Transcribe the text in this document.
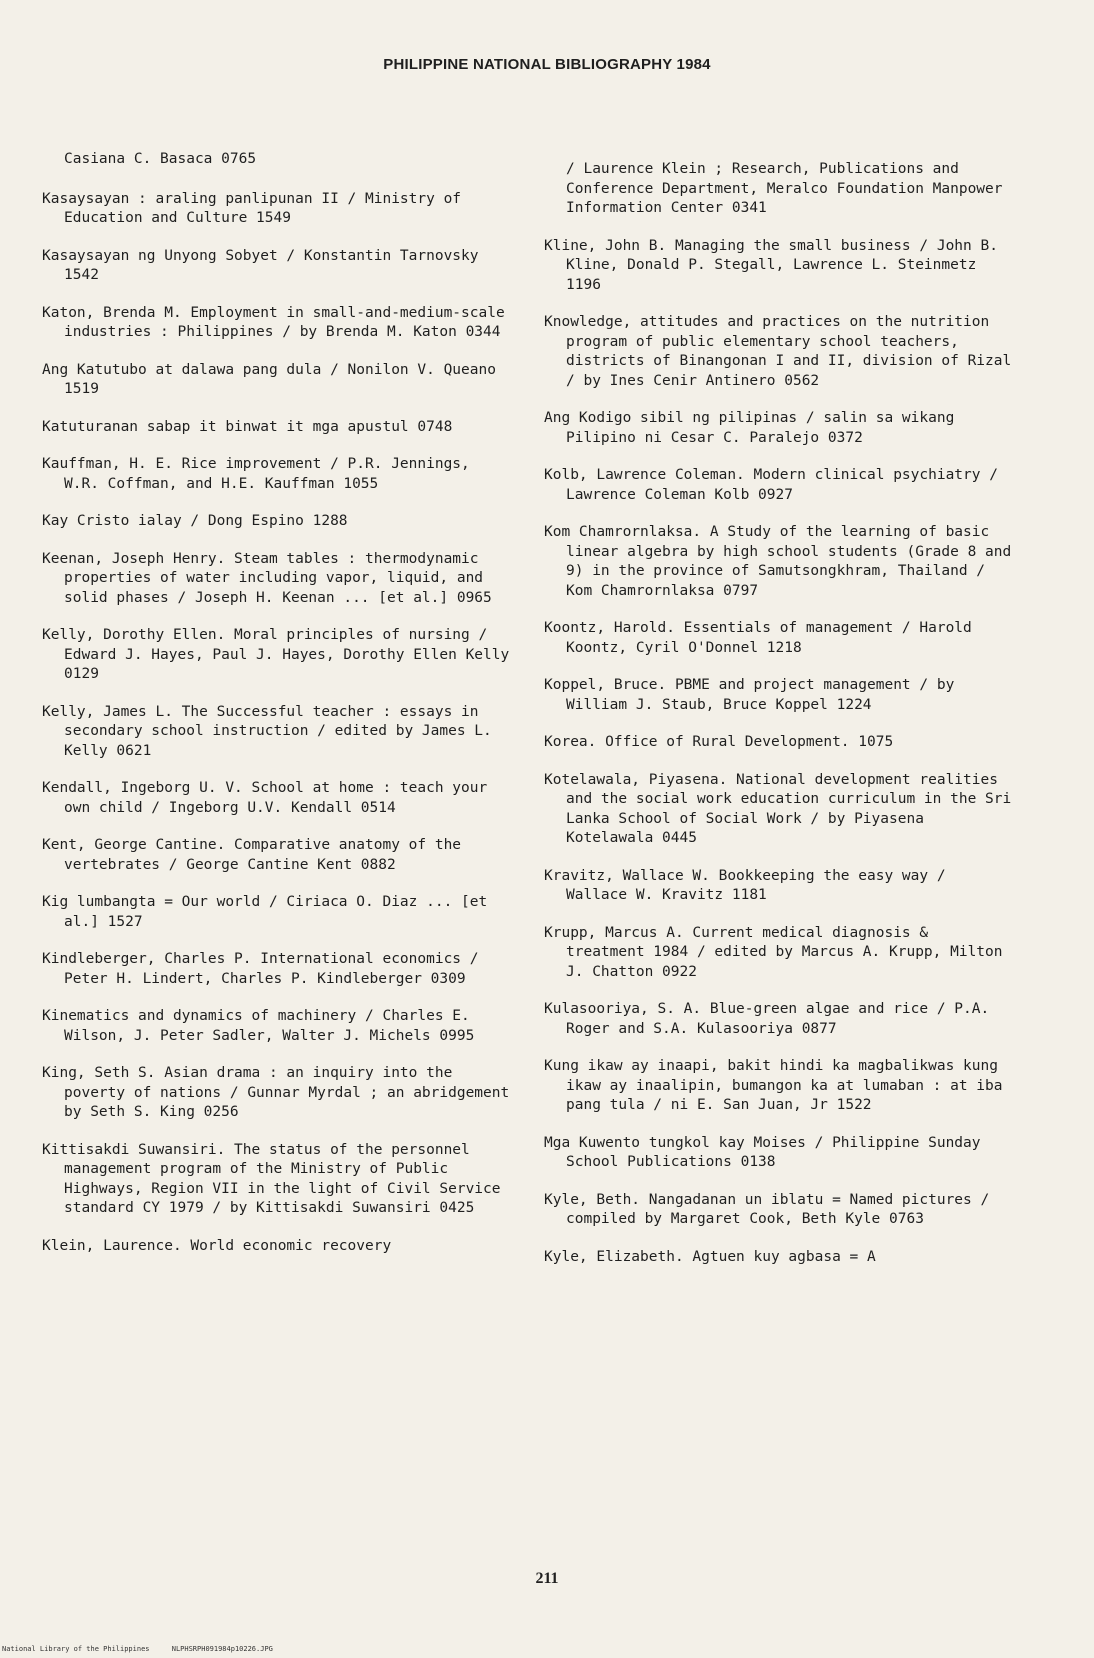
PHILIPPINE NATIONAL BIBLIOGRAPHY 1984

Casiana C. Basaca 0765

Kasaysayan : araling panlipunan II / Ministry of Education and Culture 1549

Kasaysayan ng Unyong Sobyet / Konstantin Tarnovsky 1542

Katon, Brenda M. Employment in small-and-medium-scale industries : Philippines / by Brenda M. Katon 0344

Ang Katutubo at dalawa pang dula / Nonilon V. Queano 1519

Katuturanan sabap it binwat it mga apustul 0748

Kauffman, H. E. Rice improvement / P.R. Jennings, W.R. Coffman, and H.E. Kauffman 1055

Kay Cristo ialay / Dong Espino 1288

Keenan, Joseph Henry. Steam tables : thermodynamic properties of water including vapor, liquid, and solid phases / Joseph H. Keenan ... [et al.] 0965

Kelly, Dorothy Ellen. Moral principles of nursing / Edward J. Hayes, Paul J. Hayes, Dorothy Ellen Kelly 0129

Kelly, James L. The Successful teacher : essays in secondary school instruction / edited by James L. Kelly 0621

Kendall, Ingeborg U. V. School at home : teach your own child / Ingeborg U.V. Kendall 0514

Kent, George Cantine. Comparative anatomy of the vertebrates / George Cantine Kent 0882

Kig lumbangta = Our world / Ciriaca O. Diaz ... [et al.] 1527

Kindleberger, Charles P. International economics / Peter H. Lindert, Charles P. Kindleberger 0309

Kinematics and dynamics of machinery / Charles E. Wilson, J. Peter Sadler, Walter J. Michels 0995

King, Seth S. Asian drama : an inquiry into the poverty of nations / Gunnar Myrdal ; an abridgement by Seth S. King 0256

Kittisakdi Suwansiri. The status of the personnel management program of the Ministry of Public Highways, Region VII in the light of Civil Service standard CY 1979 / by Kittisakdi Suwansiri 0425

Klein, Laurence. World economic recovery

/ Laurence Klein ; Research, Publications and Conference Department, Meralco Foundation Manpower Information Center 0341

Kline, John B. Managing the small business / John B. Kline, Donald P. Stegall, Lawrence L. Steinmetz 1196

Knowledge, attitudes and practices on the nutrition program of public elementary school teachers, districts of Binangonan I and II, division of Rizal / by Ines Cenir Antinero 0562

Ang Kodigo sibil ng pilipinas / salin sa wikang Pilipino ni Cesar C. Paralejo 0372

Kolb, Lawrence Coleman. Modern clinical psychiatry / Lawrence Coleman Kolb 0927

Kom Chamrornlaksa. A Study of the learning of basic linear algebra by high school students (Grade 8 and 9) in the province of Samutsongkhram, Thailand / Kom Chamrornlaksa 0797

Koontz, Harold. Essentials of management / Harold Koontz, Cyril O'Donnel 1218

Koppel, Bruce. PBME and project management / by William J. Staub, Bruce Koppel 1224

Korea. Office of Rural Development. 1075

Kotelawala, Piyasena. National development realities and the social work education curriculum in the Sri Lanka School of Social Work / by Piyasena Kotelawala 0445

Kravitz, Wallace W. Bookkeeping the easy way / Wallace W. Kravitz 1181

Krupp, Marcus A. Current medical diagnosis & treatment 1984 / edited by Marcus A. Krupp, Milton J. Chatton 0922

Kulasooriya, S. A. Blue-green algae and rice / P.A. Roger and S.A. Kulasooriya 0877

Kung ikaw ay inaapi, bakit hindi ka magbalikwas kung ikaw ay inaalipin, bumangon ka at lumaban : at iba pang tula / ni E. San Juan, Jr 1522

Mga Kuwento tungkol kay Moises / Philippine Sunday School Publications 0138

Kyle, Beth. Nangadanan un iblatu = Named pictures / compiled by Margaret Cook, Beth Kyle 0763

Kyle, Elizabeth. Agtuen kuy agbasa = A

211
National Library of the Philippines	NLPHSRPH091984p10226.JPG
